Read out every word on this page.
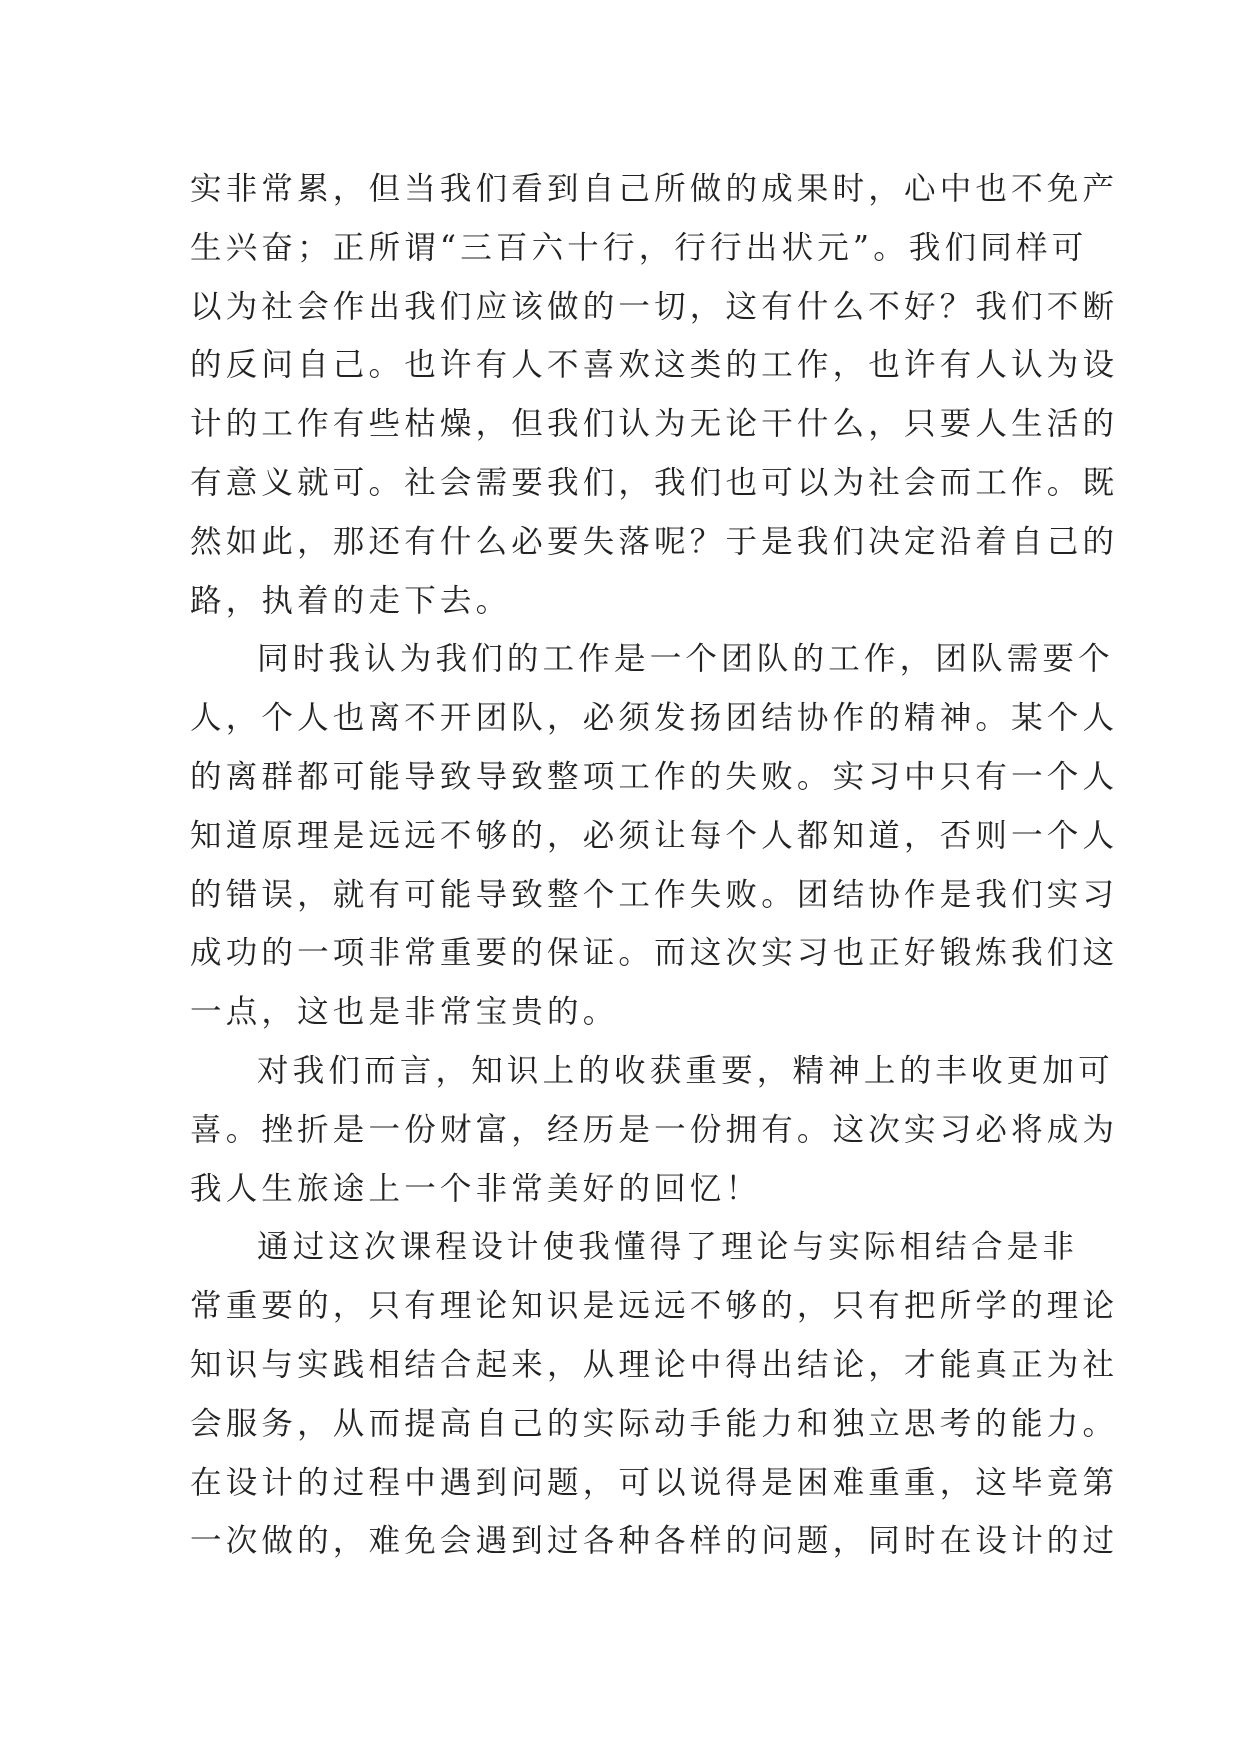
实非常累，但当我们看到自己所做的成果时，心中也不免产
生兴奋；正所谓“三百六十行，行行出状元”。我们同样可
以为社会作出我们应该做的一切，这有什么不好？我们不断
的反问自己。也许有人不喜欢这类的工作，也许有人认为设
计的工作有些枯燥，但我们认为无论干什么，只要人生活的
有意义就可。社会需要我们，我们也可以为社会而工作。既
然如此，那还有什么必要失落呢？于是我们决定沿着自己的
路，执着的走下去。
同时我认为我们的工作是一个团队的工作，团队需要个
人，个人也离不开团队，必须发扬团结协作的精神。某个人
的离群都可能导致导致整项工作的失败。实习中只有一个人
知道原理是远远不够的，必须让每个人都知道，否则一个人
的错误，就有可能导致整个工作失败。团结协作是我们实习
成功的一项非常重要的保证。而这次实习也正好锻炼我们这
一点，这也是非常宝贵的。
对我们而言，知识上的收获重要，精神上的丰收更加可
喜。挫折是一份财富，经历是一份拥有。这次实习必将成为
我人生旅途上一个非常美好的回忆！
通过这次课程设计使我懂得了理论与实际相结合是非
常重要的，只有理论知识是远远不够的，只有把所学的理论
知识与实践相结合起来，从理论中得出结论，才能真正为社
会服务，从而提高自己的实际动手能力和独立思考的能力。
在设计的过程中遇到问题，可以说得是困难重重，这毕竟第
一次做的，难免会遇到过各种各样的问题，同时在设计的过
